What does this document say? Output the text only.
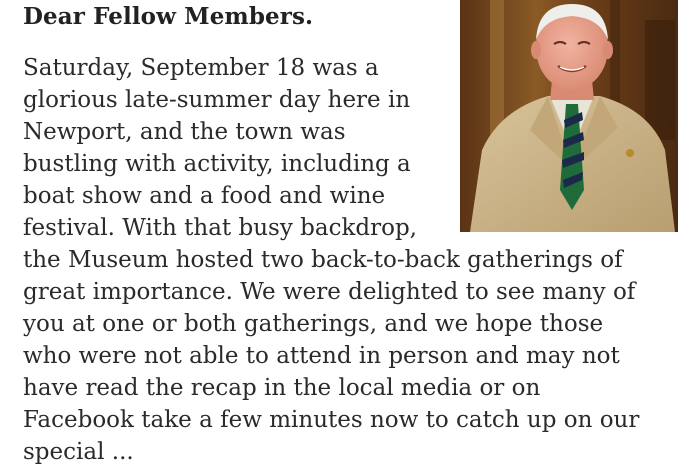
Dear Fellow Members.

Saturday, September 18 was a

glorious late-summer day here in

Newport, and the town was

bustling with activity, including a

boat show and a food and wine

festival. With that busy backdrop,

the Museum hosted two back-to-back gatherings of

great importance. We were delighted to see many of

you at one or both gatherings, and we hope those

who were not able to attend in person and may not

have read the recap in the local media or on

Facebook take a few minutes now to catch up on our

special ...
